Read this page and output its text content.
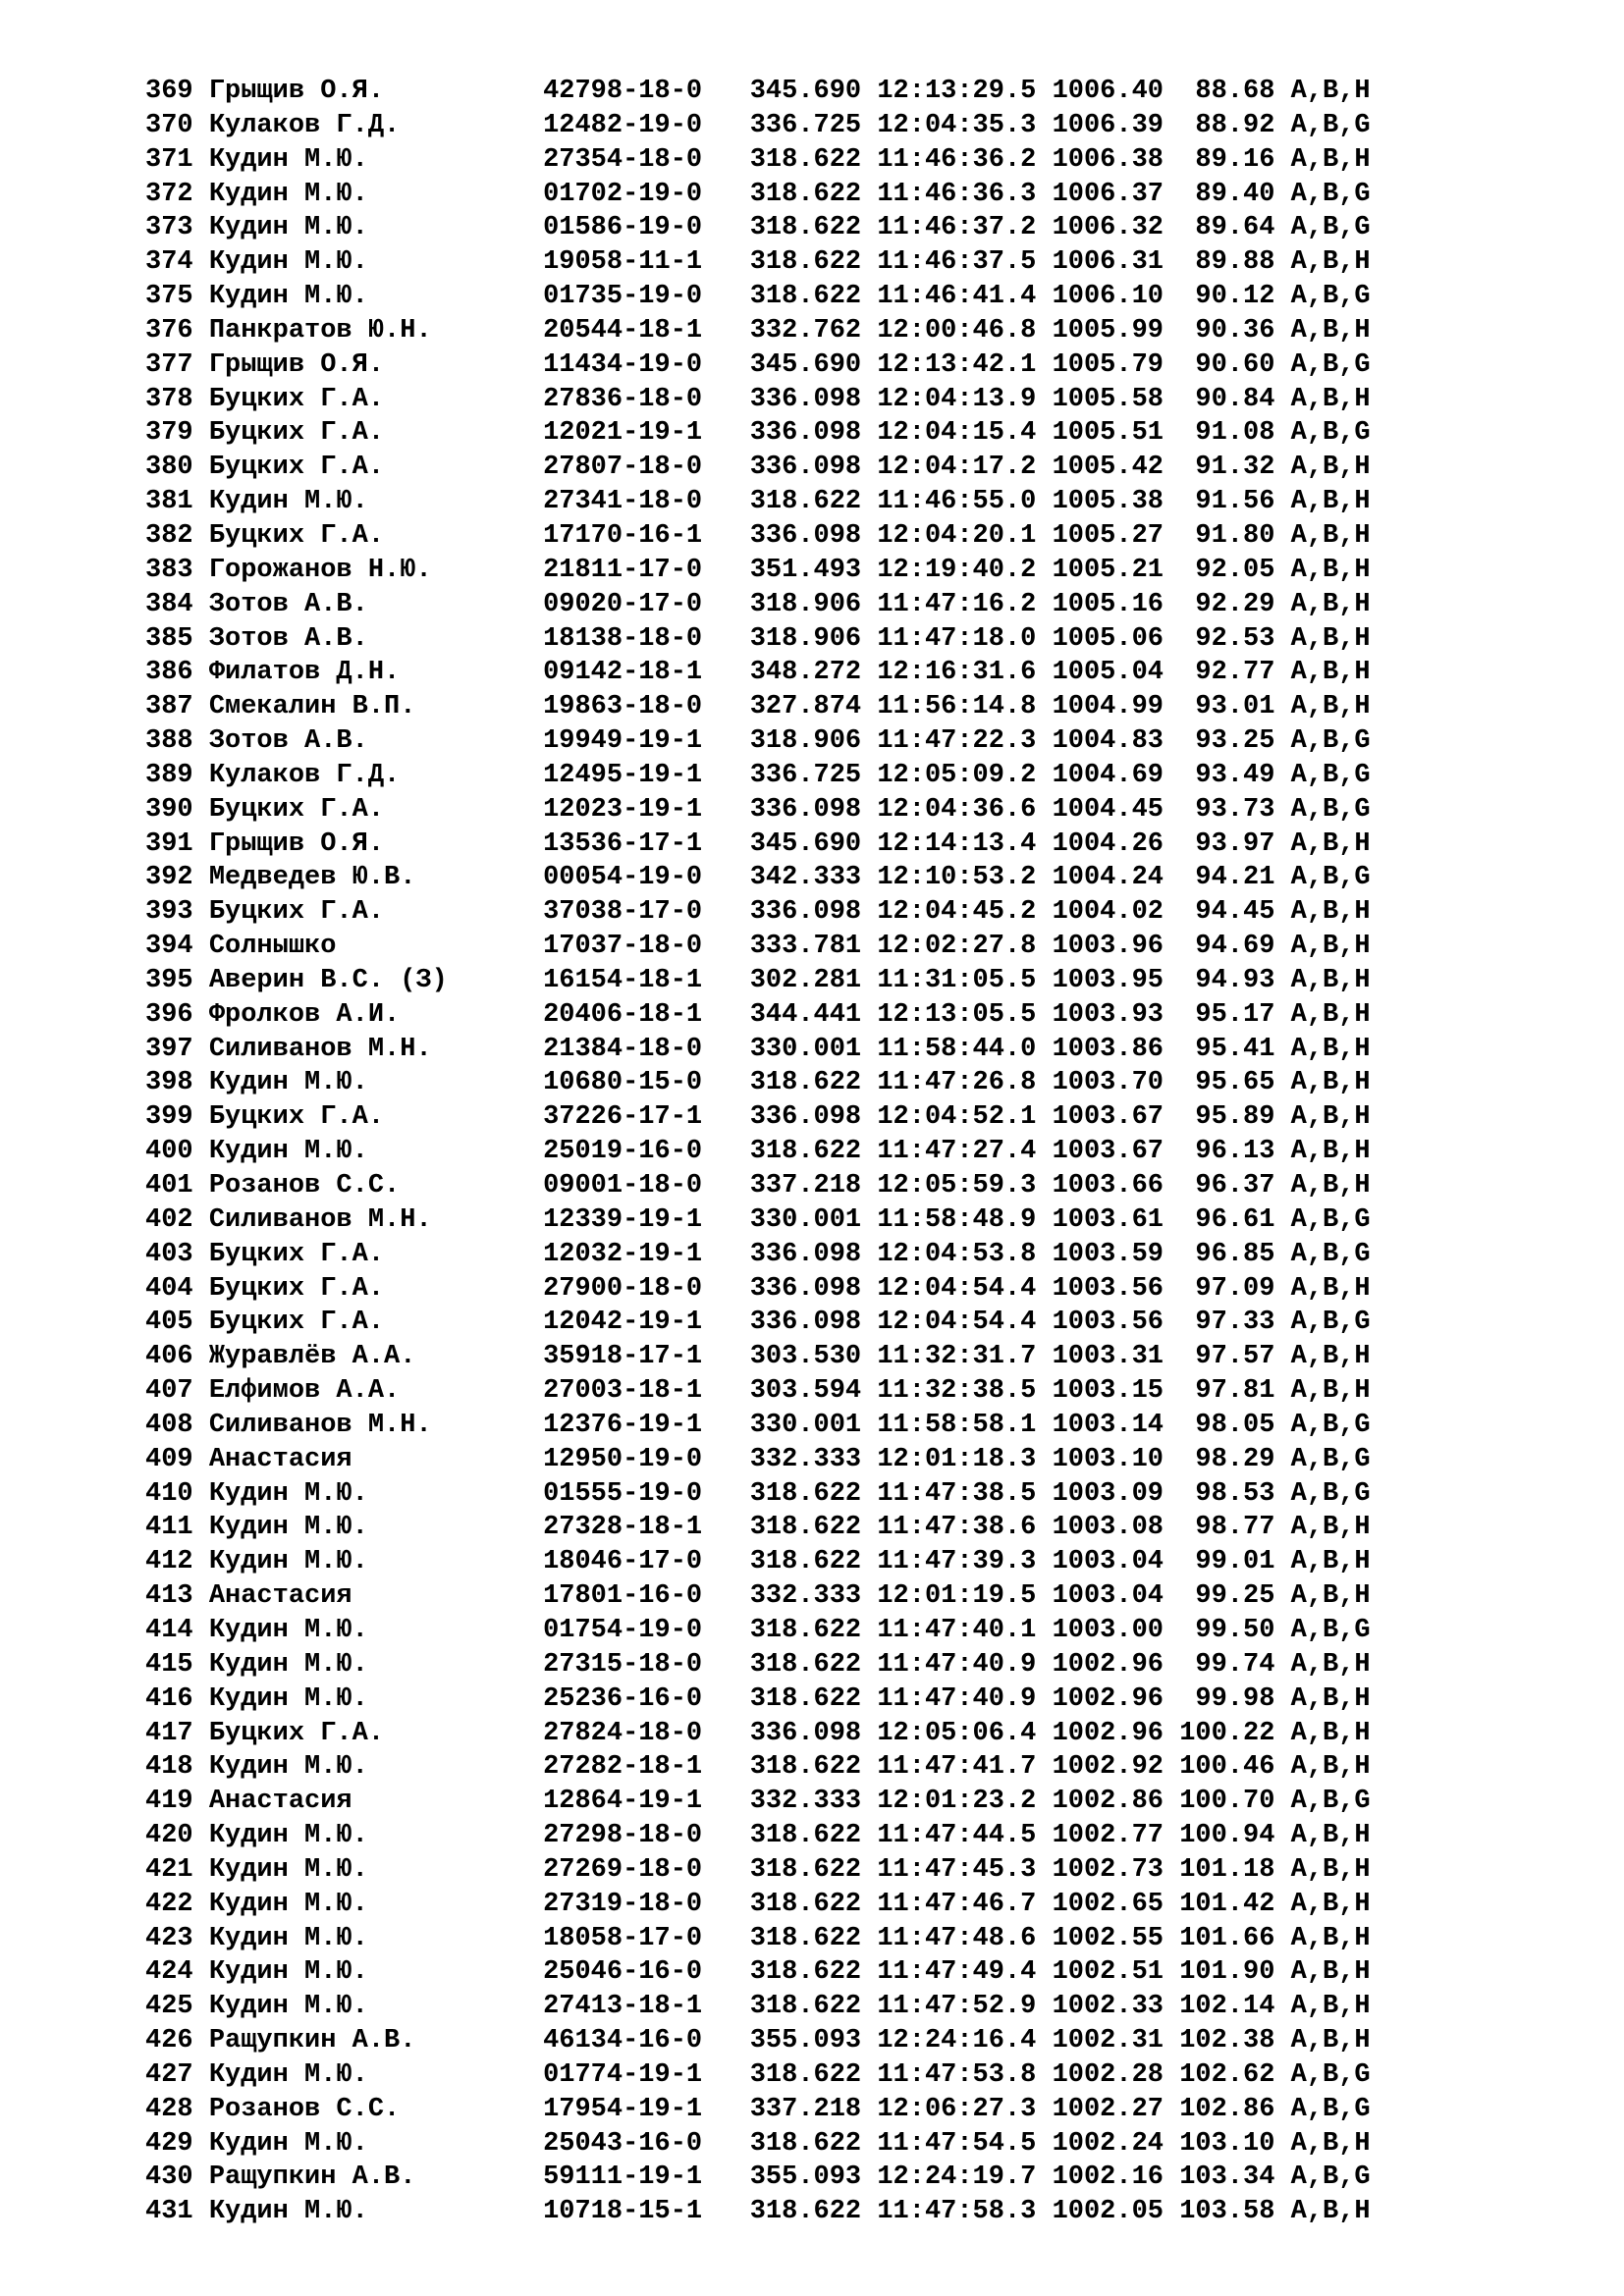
369 Грыщив О.Я.          42798-18-0   345.690 12:13:29.5 1006.40  88.68 A,B,H
370 Кулаков Г.Д.         12482-19-0   336.725 12:04:35.3 1006.39  88.92 A,B,G
371 Кудин М.Ю.           27354-18-0   318.622 11:46:36.2 1006.38  89.16 A,B,H
372 Кудин М.Ю.           01702-19-0   318.622 11:46:36.3 1006.37  89.40 A,B,G
373 Кудин М.Ю.           01586-19-0   318.622 11:46:37.2 1006.32  89.64 A,B,G
374 Кудин М.Ю.           19058-11-1   318.622 11:46:37.5 1006.31  89.88 A,B,H
375 Кудин М.Ю.           01735-19-0   318.622 11:46:41.4 1006.10  90.12 A,B,G
376 Панкратов Ю.Н.       20544-18-1   332.762 12:00:46.8 1005.99  90.36 A,B,H
377 Грыщив О.Я.          11434-19-0   345.690 12:13:42.1 1005.79  90.60 A,B,G
378 Буцких Г.А.          27836-18-0   336.098 12:04:13.9 1005.58  90.84 A,B,H
379 Буцких Г.А.          12021-19-1   336.098 12:04:15.4 1005.51  91.08 A,B,G
380 Буцких Г.А.          27807-18-0   336.098 12:04:17.2 1005.42  91.32 A,B,H
381 Кудин М.Ю.           27341-18-0   318.622 11:46:55.0 1005.38  91.56 A,B,H
382 Буцких Г.А.          17170-16-1   336.098 12:04:20.1 1005.27  91.80 A,B,H
383 Горожанов Н.Ю.       21811-17-0   351.493 12:19:40.2 1005.21  92.05 A,B,H
384 Зотов А.В.           09020-17-0   318.906 11:47:16.2 1005.16  92.29 A,B,H
385 Зотов А.В.           18138-18-0   318.906 11:47:18.0 1005.06  92.53 A,B,H
386 Филатов Д.Н.         09142-18-1   348.272 12:16:31.6 1005.04  92.77 A,B,H
387 Смекалин В.П.        19863-18-0   327.874 11:56:14.8 1004.99  93.01 A,B,H
388 Зотов А.В.           19949-19-1   318.906 11:47:22.3 1004.83  93.25 A,B,G
389 Кулаков Г.Д.         12495-19-1   336.725 12:05:09.2 1004.69  93.49 A,B,G
390 Буцких Г.А.          12023-19-1   336.098 12:04:36.6 1004.45  93.73 A,B,G
391 Грыщив О.Я.          13536-17-1   345.690 12:14:13.4 1004.26  93.97 A,B,H
392 Медведев Ю.В.        00054-19-0   342.333 12:10:53.2 1004.24  94.21 A,B,G
393 Буцких Г.А.          37038-17-0   336.098 12:04:45.2 1004.02  94.45 A,B,H
394 Солнышко             17037-18-0   333.781 12:02:27.8 1003.96  94.69 A,B,H
395 Аверин В.С. (З)      16154-18-1   302.281 11:31:05.5 1003.95  94.93 A,B,H
396 Фролков А.И.         20406-18-1   344.441 12:13:05.5 1003.93  95.17 A,B,H
397 Силиванов М.Н.       21384-18-0   330.001 11:58:44.0 1003.86  95.41 A,B,H
398 Кудин М.Ю.           10680-15-0   318.622 11:47:26.8 1003.70  95.65 A,B,H
399 Буцких Г.А.          37226-17-1   336.098 12:04:52.1 1003.67  95.89 A,B,H
400 Кудин М.Ю.           25019-16-0   318.622 11:47:27.4 1003.67  96.13 A,B,H
401 Розанов С.С.         09001-18-0   337.218 12:05:59.3 1003.66  96.37 A,B,H
402 Силиванов М.Н.       12339-19-1   330.001 11:58:48.9 1003.61  96.61 A,B,G
403 Буцких Г.А.          12032-19-1   336.098 12:04:53.8 1003.59  96.85 A,B,G
404 Буцких Г.А.          27900-18-0   336.098 12:04:54.4 1003.56  97.09 A,B,H
405 Буцких Г.А.          12042-19-1   336.098 12:04:54.4 1003.56  97.33 A,B,G
406 Журавлёв А.А.        35918-17-1   303.530 11:32:31.7 1003.31  97.57 A,B,H
407 Елфимов А.А.         27003-18-1   303.594 11:32:38.5 1003.15  97.81 A,B,H
408 Силиванов М.Н.       12376-19-1   330.001 11:58:58.1 1003.14  98.05 A,B,G
409 Анастасия            12950-19-0   332.333 12:01:18.3 1003.10  98.29 A,B,G
410 Кудин М.Ю.           01555-19-0   318.622 11:47:38.5 1003.09  98.53 A,B,G
411 Кудин М.Ю.           27328-18-1   318.622 11:47:38.6 1003.08  98.77 A,B,H
412 Кудин М.Ю.           18046-17-0   318.622 11:47:39.3 1003.04  99.01 A,B,H
413 Анастасия            17801-16-0   332.333 12:01:19.5 1003.04  99.25 A,B,H
414 Кудин М.Ю.           01754-19-0   318.622 11:47:40.1 1003.00  99.50 A,B,G
415 Кудин М.Ю.           27315-18-0   318.622 11:47:40.9 1002.96  99.74 A,B,H
416 Кудин М.Ю.           25236-16-0   318.622 11:47:40.9 1002.96  99.98 A,B,H
417 Буцких Г.А.          27824-18-0   336.098 12:05:06.4 1002.96 100.22 A,B,H
418 Кудин М.Ю.           27282-18-1   318.622 11:47:41.7 1002.92 100.46 A,B,H
419 Анастасия            12864-19-1   332.333 12:01:23.2 1002.86 100.70 A,B,G
420 Кудин М.Ю.           27298-18-0   318.622 11:47:44.5 1002.77 100.94 A,B,H
421 Кудин М.Ю.           27269-18-0   318.622 11:47:45.3 1002.73 101.18 A,B,H
422 Кудин М.Ю.           27319-18-0   318.622 11:47:46.7 1002.65 101.42 A,B,H
423 Кудин М.Ю.           18058-17-0   318.622 11:47:48.6 1002.55 101.66 A,B,H
424 Кудин М.Ю.           25046-16-0   318.622 11:47:49.4 1002.51 101.90 A,B,H
425 Кудин М.Ю.           27413-18-1   318.622 11:47:52.9 1002.33 102.14 A,B,H
426 Ращупкин А.В.        46134-16-0   355.093 12:24:16.4 1002.31 102.38 A,B,H
427 Кудин М.Ю.           01774-19-1   318.622 11:47:53.8 1002.28 102.62 A,B,G
428 Розанов С.С.         17954-19-1   337.218 12:06:27.3 1002.27 102.86 A,B,G
429 Кудин М.Ю.           25043-16-0   318.622 11:47:54.5 1002.24 103.10 A,B,H
430 Ращупкин А.В.        59111-19-1   355.093 12:24:19.7 1002.16 103.34 A,B,G
431 Кудин М.Ю.           10718-15-1   318.622 11:47:58.3 1002.05 103.58 A,B,H
